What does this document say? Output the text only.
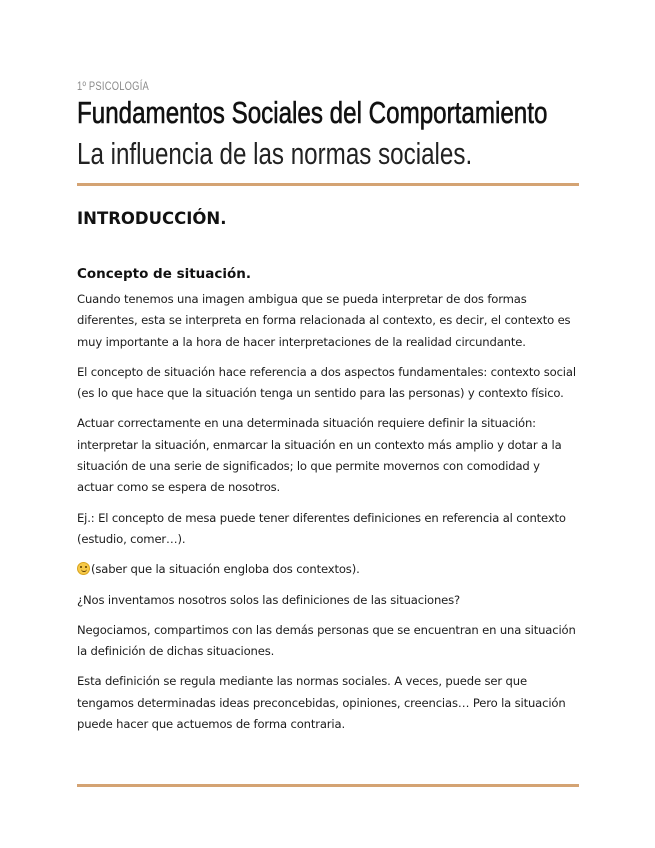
1º PSICOLOGÍA
Fundamentos Sociales del Comportamiento
La influencia de las normas sociales.
INTRODUCCIÓN.
Concepto de situación.

Cuando tenemos una imagen ambigua que se pueda interpretar de dos formas diferentes, esta se interpreta en forma relacionada al contexto, es decir, el contexto es muy importante a la hora de hacer interpretaciones de la realidad circundante.

El concepto de situación hace referencia a dos aspectos fundamentales: contexto social (es lo que hace que la situación tenga un sentido para las personas) y contexto físico.

Actuar correctamente en una determinada situación requiere definir la situación: interpretar la situación, enmarcar la situación en un contexto más amplio y dotar a la situación de una serie de significados; lo que permite movernos con comodidad y actuar como se espera de nosotros.

Ej.: El concepto de mesa puede tener diferentes definiciones en referencia al contexto (estudio, comer…).

(saber que la situación engloba dos contextos).

¿Nos inventamos nosotros solos las definiciones de las situaciones?

Negociamos, compartimos con las demás personas que se encuentran en una situación la definición de dichas situaciones.

Esta definición se regula mediante las normas sociales. A veces, puede ser que tengamos determinadas ideas preconcebidas, opiniones, creencias… Pero la situación puede hacer que actuemos de forma contraria.
